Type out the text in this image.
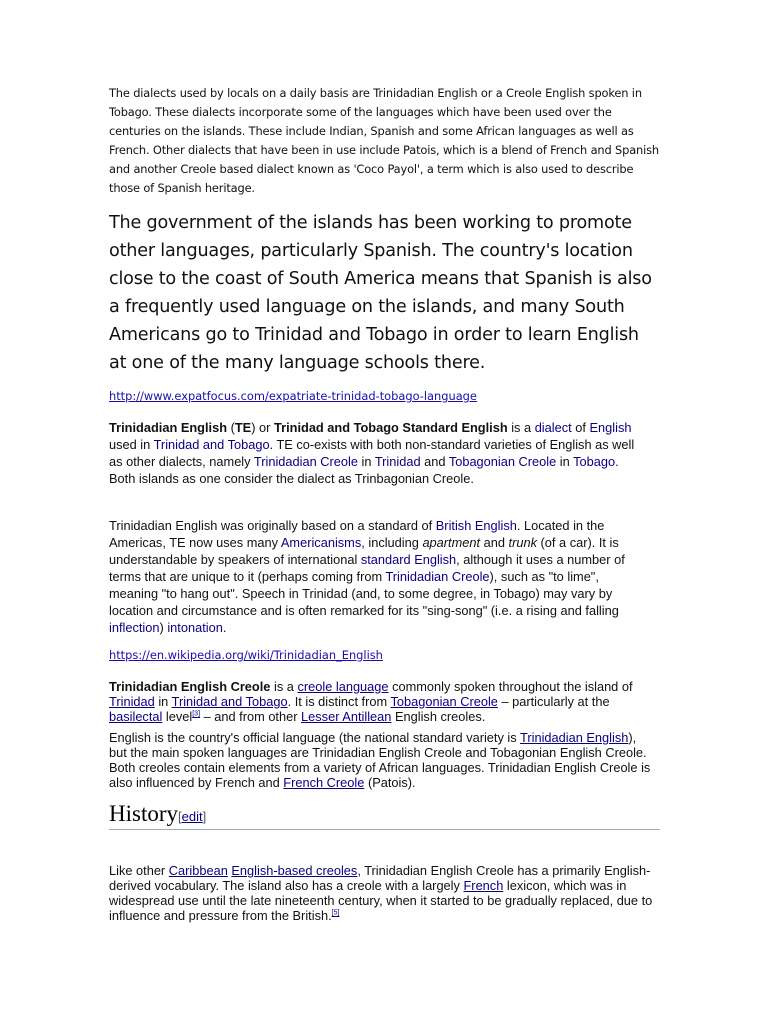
The dialects used by locals on a daily basis are Trinidadian English or a Creole English spoken in Tobago. These dialects incorporate some of the languages which have been used over the centuries on the islands. These include Indian, Spanish and some African languages as well as French. Other dialects that have been in use include Patois, which is a blend of French and Spanish and another Creole based dialect known as 'Coco Payol', a term which is also used to describe those of Spanish heritage.
The government of the islands has been working to promote other languages, particularly Spanish. The country's location close to the coast of South America means that Spanish is also a frequently used language on the islands, and many South Americans go to Trinidad and Tobago in order to learn English at one of the many language schools there.
http://www.expatfocus.com/expatriate-trinidad-tobago-language
Trinidadian English (TE) or Trinidad and Tobago Standard English is a dialect of English used in Trinidad and Tobago. TE co-exists with both non-standard varieties of English as well as other dialects, namely Trinidadian Creole in Trinidad and Tobagonian Creole in Tobago. Both islands as one consider the dialect as Trinbagonian Creole.
Trinidadian English was originally based on a standard of British English. Located in the Americas, TE now uses many Americanisms, including apartment and trunk (of a car). It is understandable by speakers of international standard English, although it uses a number of terms that are unique to it (perhaps coming from Trinidadian Creole), such as "to lime", meaning "to hang out". Speech in Trinidad (and, to some degree, in Tobago) may vary by location and circumstance and is often remarked for its "sing-song" (i.e. a rising and falling inflection) intonation.
https://en.wikipedia.org/wiki/Trinidadian_English
Trinidadian English Creole is a creole language commonly spoken throughout the island of Trinidad in Trinidad and Tobago. It is distinct from Tobagonian Creole – particularly at the basilectal level[3] – and from other Lesser Antillean English creoles.
English is the country's official language (the national standard variety is Trinidadian English), but the main spoken languages are Trinidadian English Creole and Tobagonian English Creole. Both creoles contain elements from a variety of African languages. Trinidadian English Creole is also influenced by French and French Creole (Patois).
History[edit]
Like other Caribbean English-based creoles, Trinidadian English Creole has a primarily English-derived vocabulary. The island also has a creole with a largely French lexicon, which was in widespread use until the late nineteenth century, when it started to be gradually replaced, due to influence and pressure from the British.[5]
